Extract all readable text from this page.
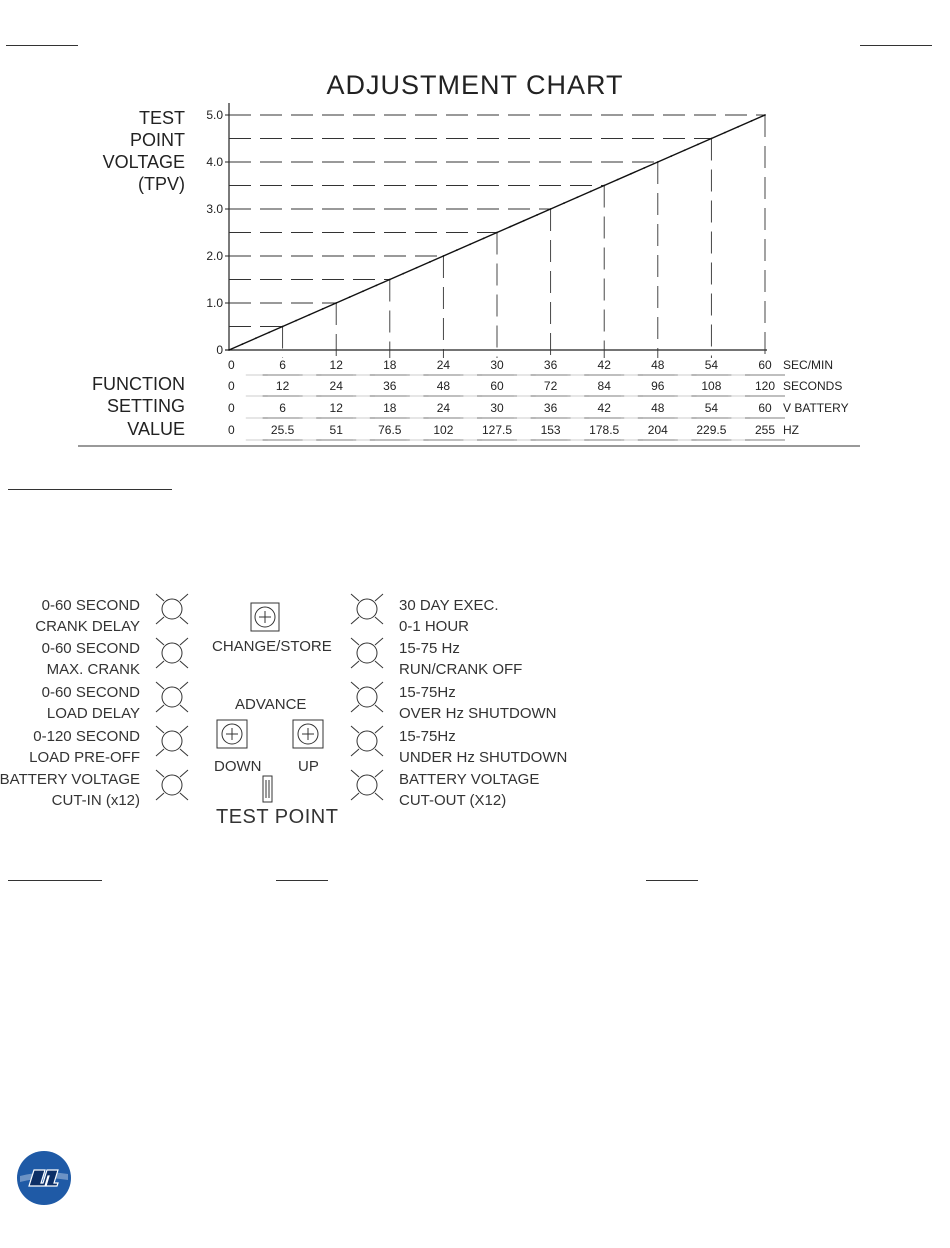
ADJUSTMENT CHART
0
1.0
2.0
3.0
4.0
5.0
TEST
POINT
VOLTAGE
(TPV)
0	6	12	18	24	30	36	42	48	54	60 SEC/MIN
0	12	24	36	48	60	72	84	96	108	120 SECONDS
0	6	12	18	24	30	36	42	48	54	60 V BATTERY
0	25.5	51	76.5	102 127.5 153 178.5 204 229.5 255 HZ
FUNCTION
SETTING
VALUE
0-60 SECOND
CRANK DELAY
0-60 SECOND
MAX. CRANK
0-60 SECOND
LOAD DELAY
0-120 SECOND
LOAD PRE-OFF
BATTERY VOLTAGE
CUT-IN (x12)
30 DAY EXEC.
0-1 HOUR
15-75 Hz
RUN/CRANK OFF
15-75Hz
OVER Hz SHUTDOWN
15-75Hz
UNDER Hz SHUTDOWN
BATTERY VOLTAGE
CUT-OUT (X12)
CHANGE/STORE
ADVANCE
DOWN UP
TEST POINT
